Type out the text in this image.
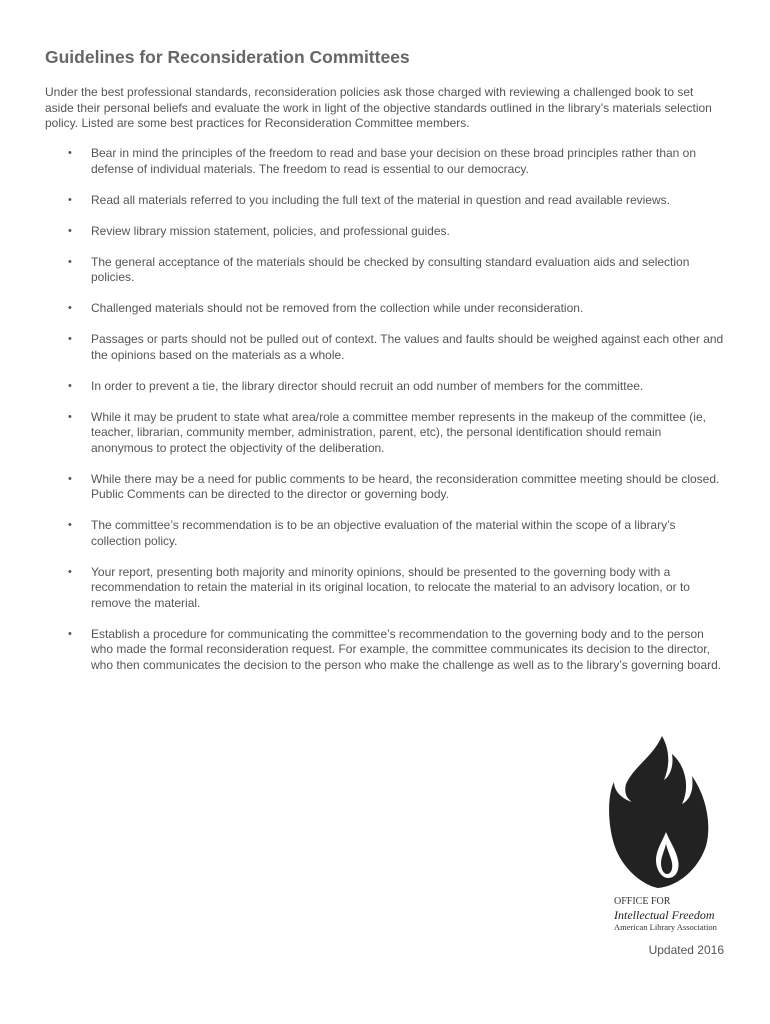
Guidelines for Reconsideration Committees

Under the best professional standards, reconsideration policies ask those charged with reviewing a challenged book to set aside their personal beliefs and evaluate the work in light of the objective standards outlined in the library’s materials selection policy. Listed are some best practices for Reconsideration Committee members.

• Bear in mind the principles of the freedom to read and base your decision on these broad principles rather than on defense of individual materials. The freedom to read is essential to our democracy.
• Read all materials referred to you including the full text of the material in question and read available reviews.
• Review library mission statement, policies, and professional guides.
• The general acceptance of the materials should be checked by consulting standard evaluation aids and selection policies.
• Challenged materials should not be removed from the collection while under reconsideration.
• Passages or parts should not be pulled out of context. The values and faults should be weighed against each other and the opinions based on the materials as a whole.
• In order to prevent a tie, the library director should recruit an odd number of members for the committee.
• While it may be prudent to state what area/role a committee member represents in the makeup of the committee (ie, teacher, librarian, community member, administration, parent, etc), the personal identification should remain anonymous to protect the objectivity of the deliberation.
• While there may be a need for public comments to be heard, the reconsideration committee meeting should be closed. Public Comments can be directed to the director or governing body.
• The committee’s recommendation is to be an objective evaluation of the material within the scope of a library’s collection policy.
• Your report, presenting both majority and minority opinions, should be presented to the governing body with a recommendation to retain the material in its original location, to relocate the material to an advisory location, or to remove the material.
• Establish a procedure for communicating the committee’s recommendation to the governing body and to the person who made the formal reconsideration request. For example, the committee communicates its decision to the director, who then communicates the decision to the person who make the challenge as well as to the library’s governing board.
OFFICE FOR
Intellectual Freedom
American Library Association
Updated 2016
